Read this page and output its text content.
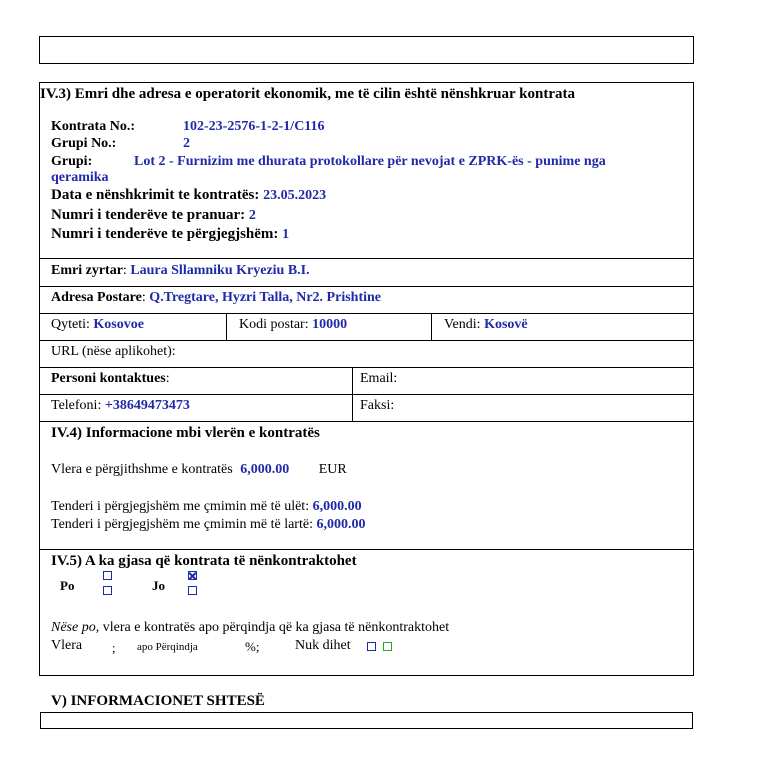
IV.3) Emri dhe adresa e operatorit ekonomik, me të cilin është nënshkruar kontrata
Kontrata No.:	102-23-2576-1-2-1/C116
Grupi No.:	2
Grupi:	Lot 2 - Furnizim me dhurata protokollare për nevojat e ZPRK-ës - punime nga
qeramika
Data e nënshkrimit te kontratës: 23.05.2023
Numri i tenderëve te pranuar: 2
Numri i tenderëve te përgjegjshëm: 1
Emri zyrtar: Laura Sllamniku Kryeziu B.I.
Adresa Postare: Q.Tregtare, Hyzri Talla, Nr2. Prishtine
Qyteti: Kosovoe	Kodi postar: 10000	Vendi: Kosovë
URL (nëse aplikohet):
Personi kontaktues:	Email:
Telefoni: +38649473473	Faksi:
IV.4) Informacione mbi vlerën e kontratës
Vlera e përgjithshme e kontratës 6,000.00 EUR
Tenderi i përgjegjshëm me çmimin më të ulët: 6,000.00
Tenderi i përgjegjshëm me çmimin më të lartë: 6,000.00
IV.5) A ka gjasa që kontrata të nënkontraktohet
Po	Jo
Nëse po, vlera e kontratës apo përqindja që ka gjasa të nënkontraktohet
Vlera ; apo Përqindja	%;	Nuk dihet
V) INFORMACIONET SHTESË
